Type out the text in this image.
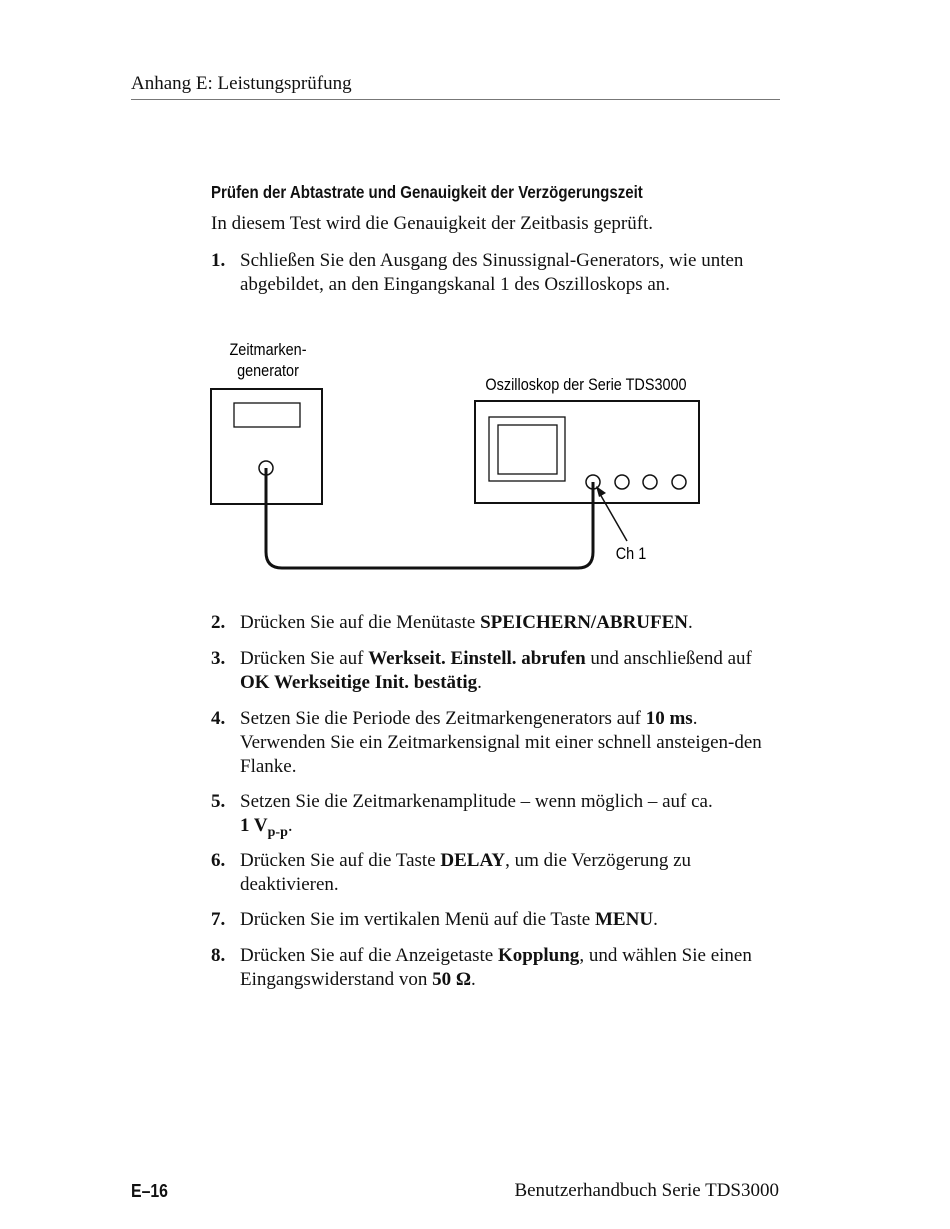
Anhang E: Leistungsprüfung
Prüfen der Abtastrate und Genauigkeit der Verzögerungszeit
In diesem Test wird die Genauigkeit der Zeitbasis geprüft.
1. Schließen Sie den Ausgang des Sinussignal-Generators, wie unten abgebildet, an den Eingangskanal 1 des Oszilloskops an.
Zeitmarken-
generator
Oszilloskop der Serie TDS3000
Ch 1
2. Drücken Sie auf die Menütaste SPEICHERN/ABRUFEN.
3. Drücken Sie auf Werkseit. Einstell. abrufen und anschließend auf OK Werkseitige Init. bestätig.
4. Setzen Sie die Periode des Zeitmarkengenerators auf 10 ms. Verwenden Sie ein Zeitmarkensignal mit einer schnell ansteigen-den Flanke.
5. Setzen Sie die Zeitmarkenamplitude – wenn möglich – auf ca.
1 $V_{p-p}$.
6. Drücken Sie auf die Taste DELAY, um die Verzögerung zu deaktivieren.
7. Drücken Sie im vertikalen Menü auf die Taste MENU.
8. Drücken Sie auf die Anzeigetaste Kopplung, und wählen Sie einen Eingangswiderstand von 50 Ω.
E–16	Benutzerhandbuch Serie TDS3000
